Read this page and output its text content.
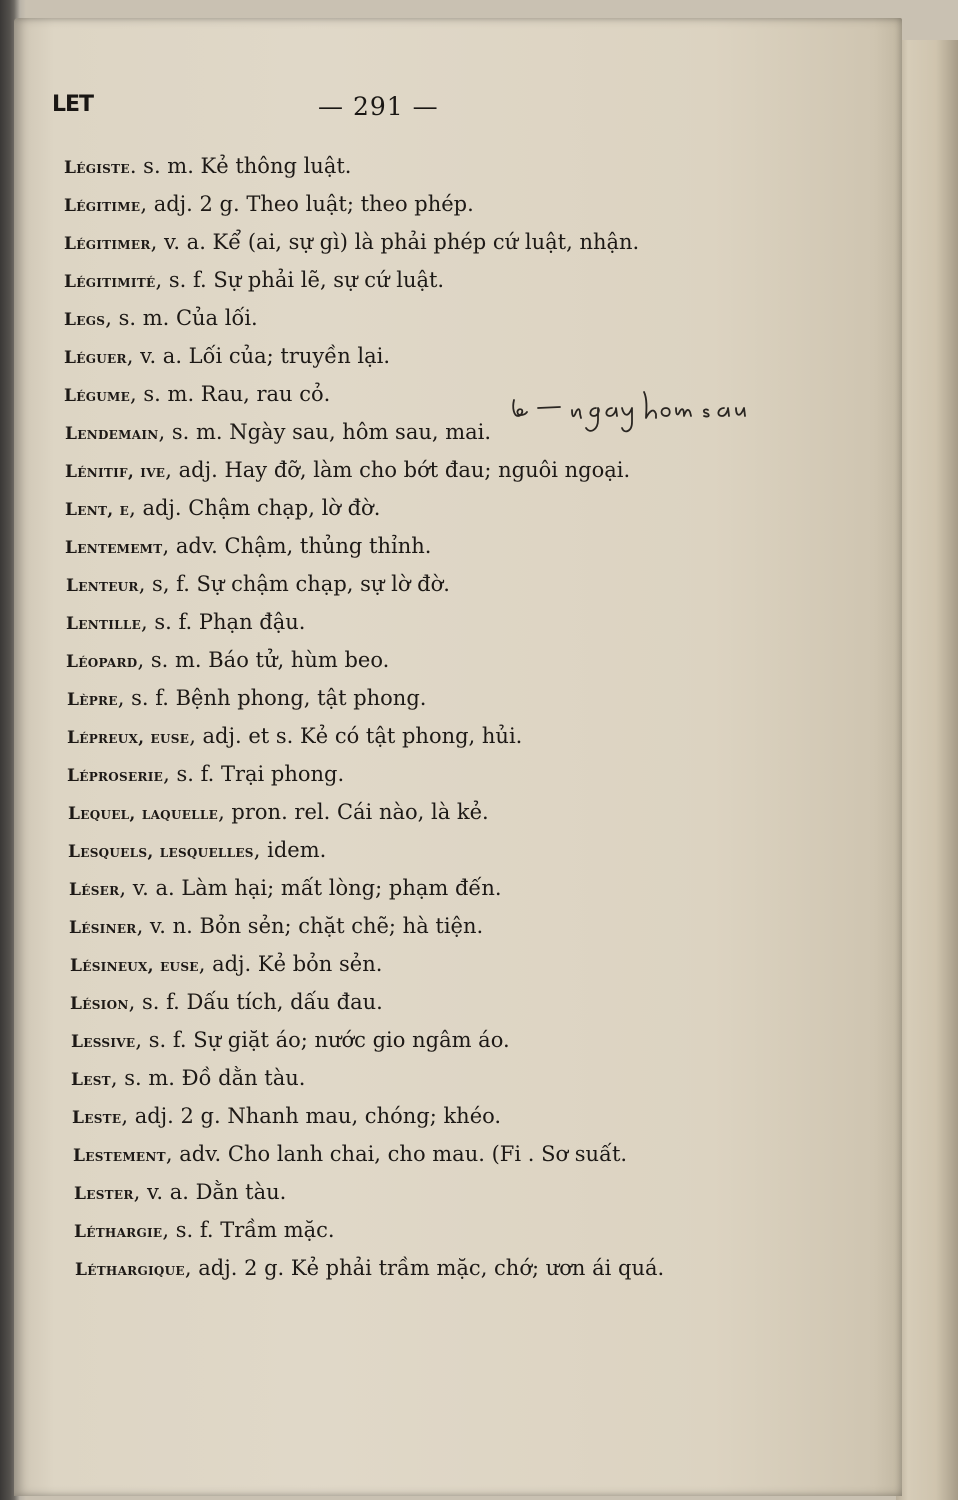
LET	— 291 —
Légiste. s. m. Kẻ thông luật.
Légitime, adj. 2 g. Theo luật; theo phép.
Légitimer, v. a. Kể (ai, sự gì) là phải phép cứ luật, nhận.
Légitimité, s. f. Sự phải lẽ, sự cứ luật.
Legs, s. m. Của lối.
Léguer, v. a. Lối của; truyền lại.
Légume, s. m. Rau, rau cỏ.
Lendemain, s. m. Ngày sau, hôm sau, mai.
Lénitif, ive, adj. Hay đỡ, làm cho bớt đau; nguôi ngoại.
Lent, e, adj. Chậm chạp, lờ đờ.
Lentememt, adv. Chậm, thủng thỉnh.
Lenteur, s, f. Sự chậm chạp, sự lờ đờ.
Lentille, s. f. Phạn đậu.
Léopard, s. m. Báo tử, hùm beo.
Lèpre, s. f. Bệnh phong, tật phong.
Lépreux, euse, adj. et s. Kẻ có tật phong, hủi.
Léproserie, s. f. Trại phong.
Lequel, laquelle, pron. rel. Cái nào, là kẻ.
Lesquels, lesquelles, idem.
Léser, v. a. Làm hại; mất lòng; phạm đến.
Lésiner, v. n. Bỏn sẻn; chặt chẽ; hà tiện.
Lésineux, euse, adj. Kẻ bỏn sẻn.
Lésion, s. f. Dấu tích, dấu đau.
Lessive, s. f. Sự giặt áo; nước gio ngâm áo.
Lest, s. m. Đồ dằn tàu.
Leste, adj. 2 g. Nhanh mau, chóng; khéo.
Lestement, adv. Cho lanh chai, cho mau. (Fi . Sơ suất.
Lester, v. a. Dằn tàu.
Léthargie, s. f. Trầm mặc.
Léthargique, adj. 2 g. Kẻ phải trầm mặc, chớ; ươn ái quá.
